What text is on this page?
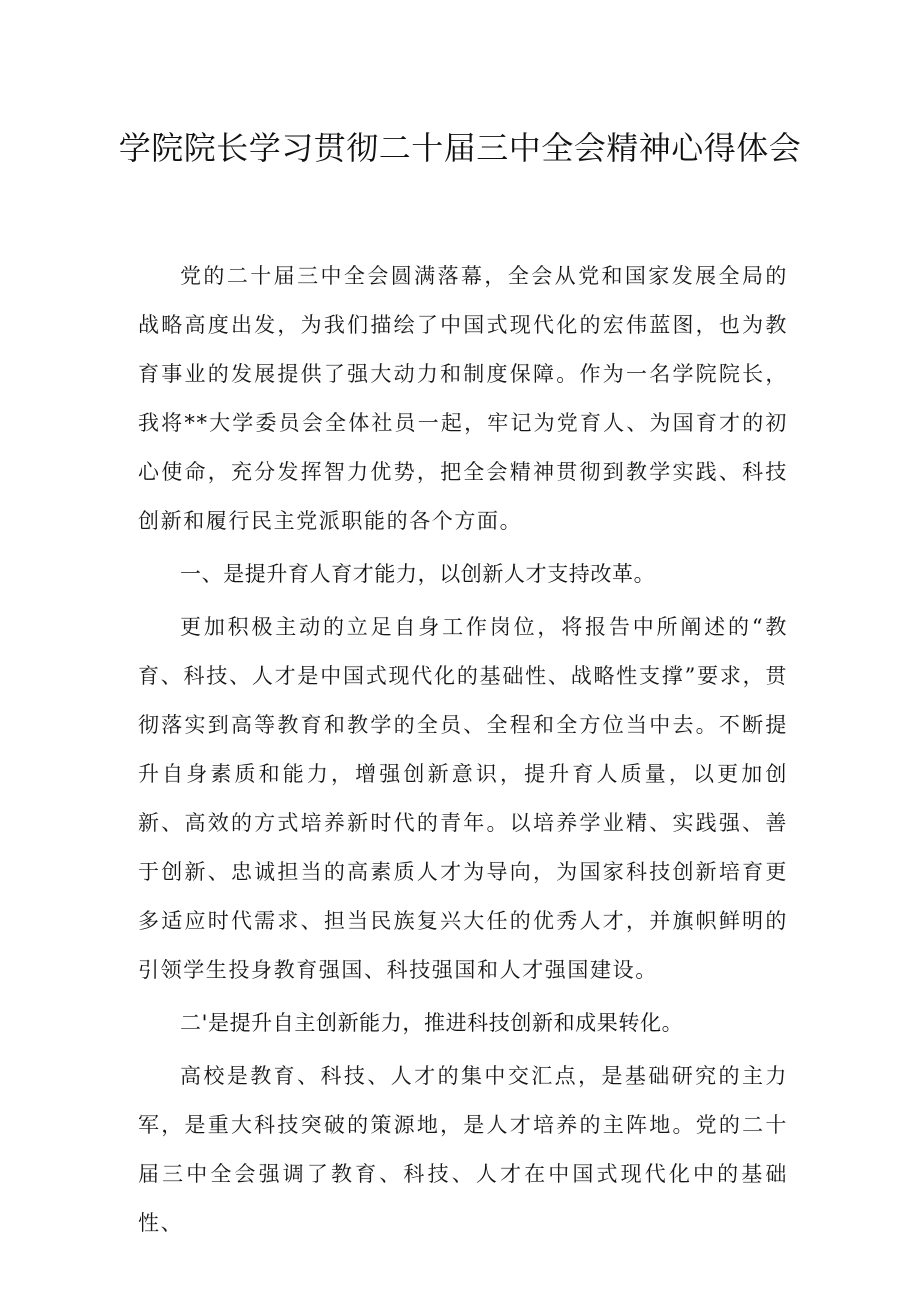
学院院长学习贯彻二十届三中全会精神心得体会

党的二十届三中全会圆满落幕，全会从党和国家发展全局的战略高度出发，为我们描绘了中国式现代化的宏伟蓝图，也为教育事业的发展提供了强大动力和制度保障。作为一名学院院长，我将**大学委员会全体社员一起，牢记为党育人、为国育才的初心使命，充分发挥智力优势，把全会精神贯彻到教学实践、科技创新和履行民主党派职能的各个方面。

一、是提升育人育才能力，以创新人才支持改革。

更加积极主动的立足自身工作岗位，将报告中所阐述的“教育、科技、人才是中国式现代化的基础性、战略性支撑”要求，贯彻落实到高等教育和教学的全员、全程和全方位当中去。不断提升自身素质和能力，增强创新意识，提升育人质量，以更加创新、高效的方式培养新时代的青年。以培养学业精、实践强、善于创新、忠诚担当的高素质人才为导向，为国家科技创新培育更多适应时代需求、担当民族复兴大任的优秀人才，并旗帜鲜明的引领学生投身教育强国、科技强国和人才强国建设。

二'是提升自主创新能力，推进科技创新和成果转化。

高校是教育、科技、人才的集中交汇点，是基础研究的主力军，是重大科技突破的策源地，是人才培养的主阵地。党的二十届三中全会强调了教育、科技、人才在中国式现代化中的基础性、
